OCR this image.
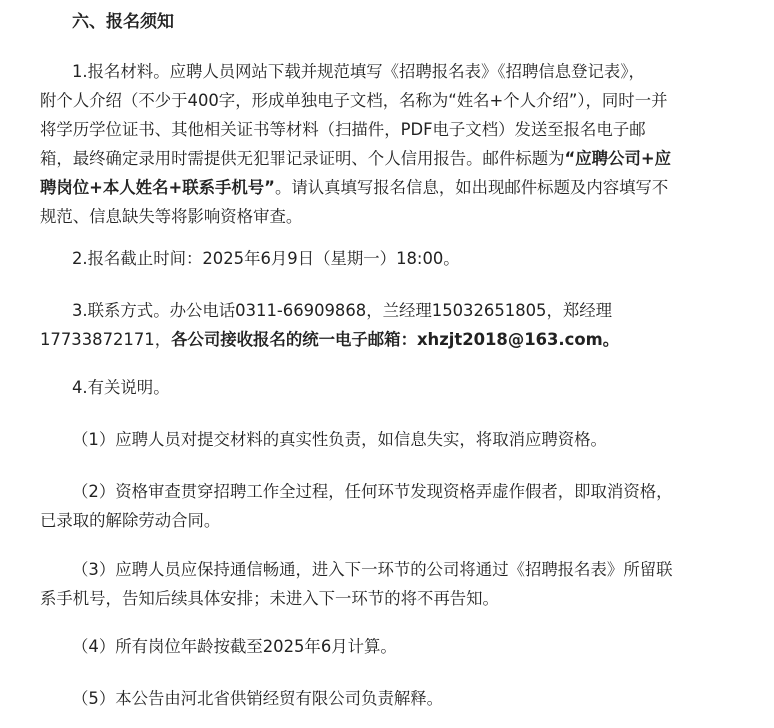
六、报名须知
1.报名材料。应聘人员网站下载并规范填写《招聘报名表》《招聘信息登记表》，
附个人介绍（不少于400字，形成单独电子文档，名称为“姓名+个人介绍”），同时一并
将学历学位证书、其他相关证书等材料（扫描件，PDF电子文档）发送至报名电子邮
箱，最终确定录用时需提供无犯罪记录证明、个人信用报告。邮件标题为“应聘公司+应
聘岗位+本人姓名+联系手机号”。请认真填写报名信息，如出现邮件标题及内容填写不
规范、信息缺失等将影响资格审查。
2.报名截止时间：2025年6月9日（星期一）18:00。
3.联系方式。办公电话0311-66909868，兰经理15032651805，郑经理
17733872171，各公司接收报名的统一电子邮箱：xhzjt2018@163.com。
4.有关说明。
（1）应聘人员对提交材料的真实性负责，如信息失实，将取消应聘资格。
（2）资格审查贯穿招聘工作全过程，任何环节发现资格弄虚作假者，即取消资格，
已录取的解除劳动合同。
（3）应聘人员应保持通信畅通，进入下一环节的公司将通过《招聘报名表》所留联
系手机号，告知后续具体安排；未进入下一环节的将不再告知。
（4）所有岗位年龄按截至2025年6月计算。
（5）本公告由河北省供销经贸有限公司负责解释。
